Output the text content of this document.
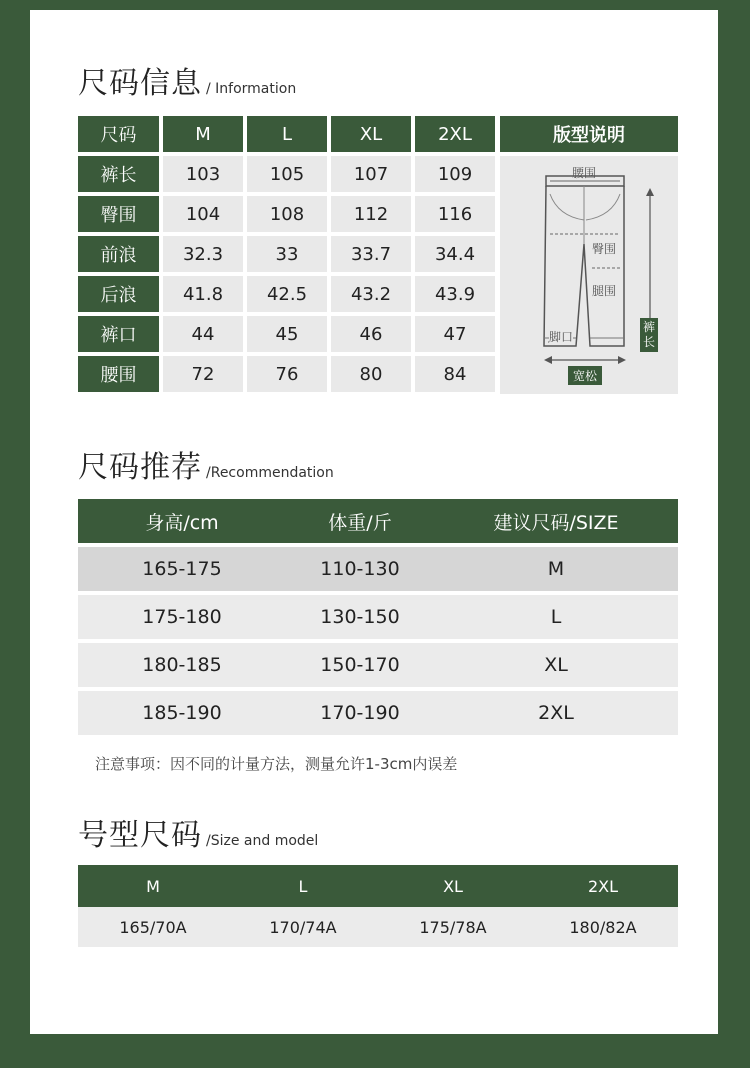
尺码信息 / Information
尺码	M	L	XL	2XL
裤长	103	105	107	109
臀围	104	108	112	116
前浪	32.3	33	33.7	34.4
后浪	41.8	42.5	43.2	43.9
裤口	44	45	46	47
腰围	72	76	80	84
版型说明
腰围
臀围
腿围
脚口
裤长
宽松
尺码推荐 /Recommendation
身高/cm	体重/斤	建议尺码/SIZE
165-175	110-130	M
175-180	130-150	L
180-185	150-170	XL
185-190	170-190	2XL
注意事项：因不同的计量方法，测量允许1-3cm内误差
号型尺码 /Size and model
M	L	XL	2XL
165/70A	170/74A	175/78A	180/82A
